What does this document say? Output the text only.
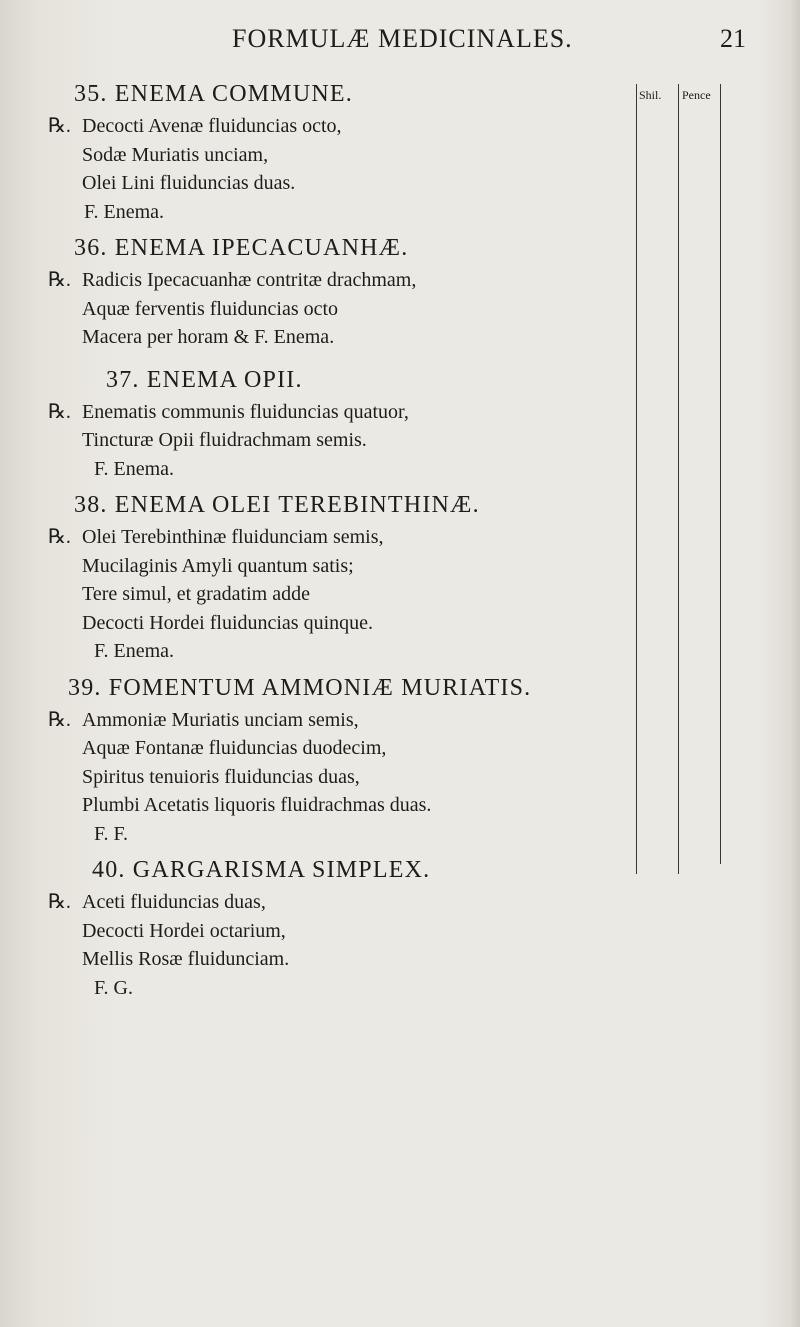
FORMULÆ MEDICINALES.	21
Shil. Pence
35. ENEMA COMMUNE.
℞. Decocti Avenæ fluiduncias octo,
Sodæ Muriatis unciam,
Olei Lini fluiduncias duas.
F. Enema.
36. ENEMA IPECACUANHÆ.
℞. Radicis Ipecacuanhæ contritæ drachmam,
Aquæ ferventis fluiduncias octo
Macera per horam & F. Enema.
37. ENEMA OPII.
℞. Enematis communis fluiduncias quatuor,
Tincturæ Opii fluidrachmam semis.
F. Enema.
38. ENEMA OLEI TEREBINTHINÆ.
℞. Olei Terebinthinæ fluidunciam semis,
Mucilaginis Amyli quantum satis;
Tere simul, et gradatim adde
Decocti Hordei fluiduncias quinque.
F. Enema.
39. FOMENTUM AMMONIÆ MURIATIS.
℞. Ammoniæ Muriatis unciam semis,
Aquæ Fontanæ fluiduncias duodecim,
Spiritus tenuioris fluiduncias duas,
Plumbi Acetatis liquoris fluidrachmas duas.
F. F.
40. GARGARISMA SIMPLEX.
℞. Aceti fluiduncias duas,
Decocti Hordei octarium,
Mellis Rosæ fluidunciam.
F. G.
